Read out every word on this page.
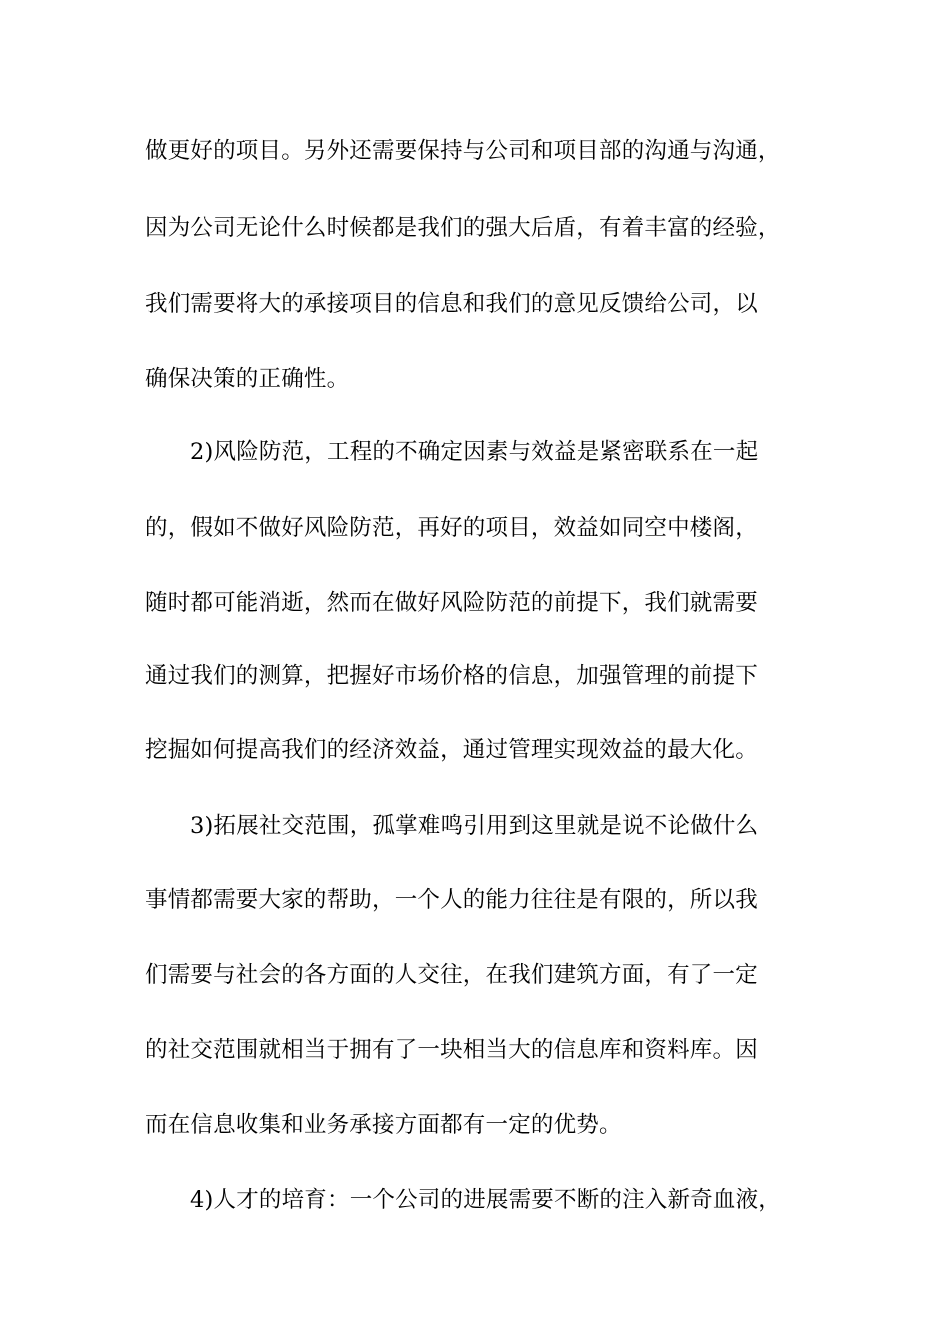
做更好的项目。另外还需要保持与公司和项目部的沟通与沟通，
因为公司无论什么时候都是我们的强大后盾，有着丰富的经验，
我们需要将大的承接项目的信息和我们的意见反馈给公司，以
确保决策的正确性。
2)风险防范，工程的不确定因素与效益是紧密联系在一起
的，假如不做好风险防范，再好的项目，效益如同空中楼阁，
随时都可能消逝，然而在做好风险防范的前提下，我们就需要
通过我们的测算，把握好市场价格的信息，加强管理的前提下
挖掘如何提高我们的经济效益，通过管理实现效益的最大化。
3)拓展社交范围，孤掌难鸣引用到这里就是说不论做什么
事情都需要大家的帮助，一个人的能力往往是有限的，所以我
们需要与社会的各方面的人交往，在我们建筑方面，有了一定
的社交范围就相当于拥有了一块相当大的信息库和资料库。因
而在信息收集和业务承接方面都有一定的优势。
4)人才的培育：一个公司的进展需要不断的注入新奇血液，
